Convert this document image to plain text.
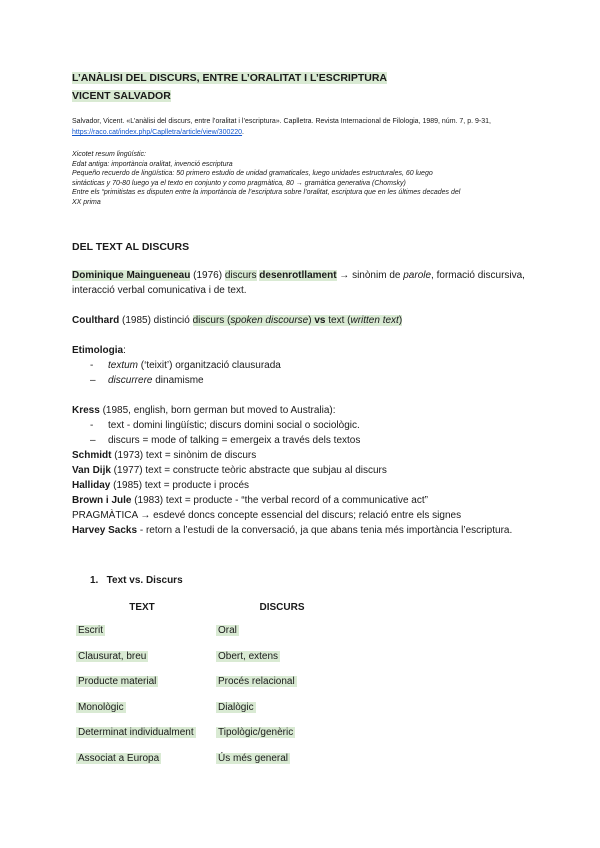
L’ANÀLISI DEL DISCURS, ENTRE L’ORALITAT I L’ESCRIPTURA
VICENT SALVADOR
Salvador, Vicent. «L’anàlisi del discurs, entre l’oralitat i l’escriptura». Caplletra. Revista Internacional de Filologia, 1989, núm. 7, p. 9-31, https://raco.cat/index.php/Caplletra/article/view/300220.
Xicotet resum lingüístic:
Edat antiga: importància oralitat, invenció escriptura
Pequeño recuerdo de lingüística: 50 primero estudio de unidad gramaticales, luego unidades estructurales, 60 luego
sintácticas y 70-80 luego ya el texto en conjunto y como pragmàtica, 80 → gramàtica generativa (Chomsky)
Entre els “primitistas es disputen entre la importància de l’escriptura sobre l’oralitat, escriptura que en les últimes decades del
XX prima
DEL TEXT AL DISCURS
Dominique Maingueneau (1976) discurs desenrotllament → sinònim de parole, formació discursiva, interacció verbal comunicativa i de text.
Coulthard (1985) distinció discurs (spoken discourse) vs text (written text)
Etimologia:
- textum (‘teixit’) organització clausurada
– discurrere dinamisme
Kress (1985, english, born german but moved to Australia):
- text - domini lingüístic; discurs domini social o sociològic.
– discurs = mode of talking = emergeix a través dels textos
Schmidt (1973) text = sinònim de discurs
Van Dijk (1977) text = constructe teòric abstracte que subjau al discurs
Halliday (1985) text = producte i procés
Brown i Jule (1983) text = producte - “the verbal record of a communicative act”
PRAGMÀTICA → esdevé doncs concepte essencial del discurs; relació entre els signes
Harvey Sacks - retorn a l’estudi de la conversació, ja que abans tenia més importància l’escriptura.
1.   Text vs. Discurs
TEXT	DISCURS
Escrit	Oral
Clausurat, breu	Obert, extens
Producte material	Procés relacional
Monològic	Dialògic
Determinat individualment	Tipològic/genèric
Associat a Europa	Ús més general
